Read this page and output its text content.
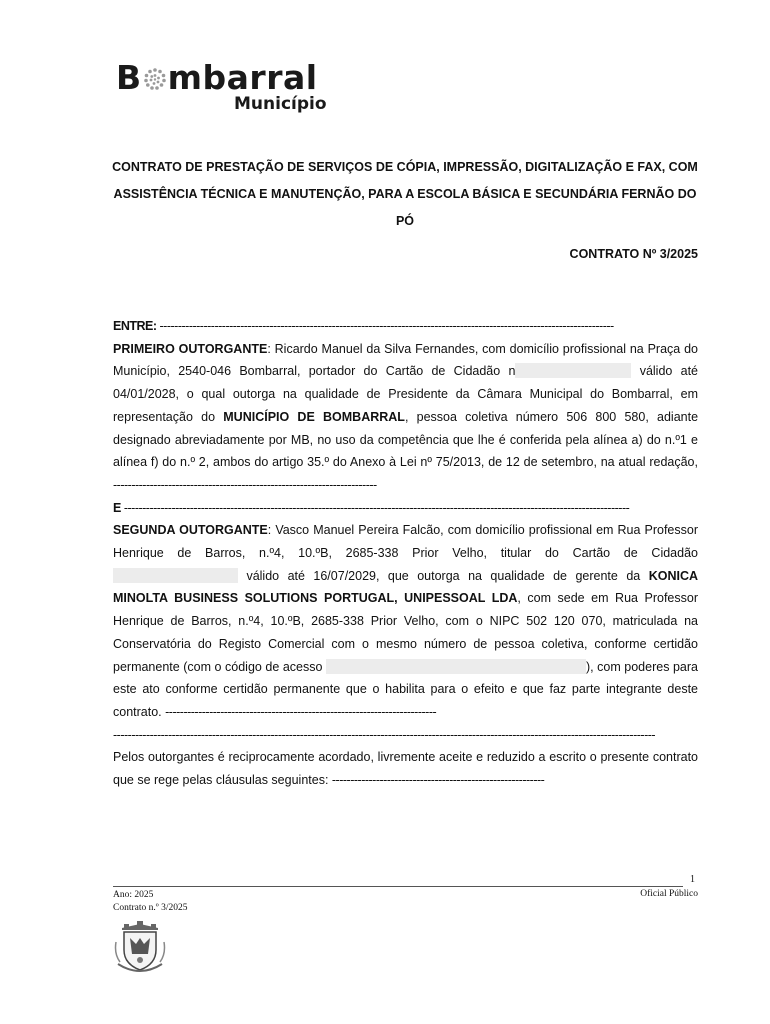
B mbarral
Município
CONTRATO DE PRESTAÇÃO DE SERVIÇOS DE CÓPIA, IMPRESSÃO, DIGITALIZAÇÃO E FAX, COM ASSISTÊNCIA TÉCNICA E MANUTENÇÃO, PARA A ESCOLA BÁSICA E SECUNDÁRIA FERNÃO DO PÓ
CONTRATO Nº 3/2025

ENTRE: ----------------------------------------------------------------------------------------------------------------------------

PRIMEIRO OUTORGANTE: Ricardo Manuel da Silva Fernandes, com domicílio profissional na Praça do Município, 2540-046 Bombarral, portador do Cartão de Cidadão n	válido até 04/01/2028, o qual outorga na qualidade de Presidente da Câmara Municipal do Bombarral, em representação do MUNICÍPIO DE BOMBARRAL, pessoa coletiva número 506 800 580, adiante designado abreviadamente por MB, no uso da competência que lhe é conferida pela alínea a) do n.º1 e alínea f) do n.º 2, ambos do artigo 35.º do Anexo à Lei nº 75/2013, de 12 de setembro, na atual redação, ------------------------------------------------------------------------

E ------------------------------------------------------------------------------------------------------------------------------------------

SEGUNDA OUTORGANTE: Vasco Manuel Pereira Falcão, com domicílio profissional em Rua Professor Henrique de Barros, n.º4, 10.ºB, 2685-338 Prior Velho, titular do Cartão de Cidadão  válido até 16/07/2029, que outorga na qualidade de gerente da KONICA MINOLTA BUSINESS SOLUTIONS PORTUGAL, UNIPESSOAL LDA, com sede em Rua Professor Henrique de Barros, n.º4, 10.ºB, 2685-338 Prior Velho, com o NIPC 502 120 070, matriculada na Conservatória do Registo Comercial com o mesmo número de pessoa coletiva, conforme certidão permanente (com o código de acesso	), com poderes para este ato conforme certidão permanente que o habilita para o efeito e que faz parte integrante deste contrato. --------------------------------------------------------------------------

----------------------------------------------------------------------------------------------------------------------------------------------------

Pelos outorgantes é reciprocamente acordado, livremente aceite e reduzido a escrito o presente contrato que se rege pelas cláusulas seguintes: ----------------------------------------------------------

1
Ano: 2025
Contrato n.º 3/2025
Oficial Público
